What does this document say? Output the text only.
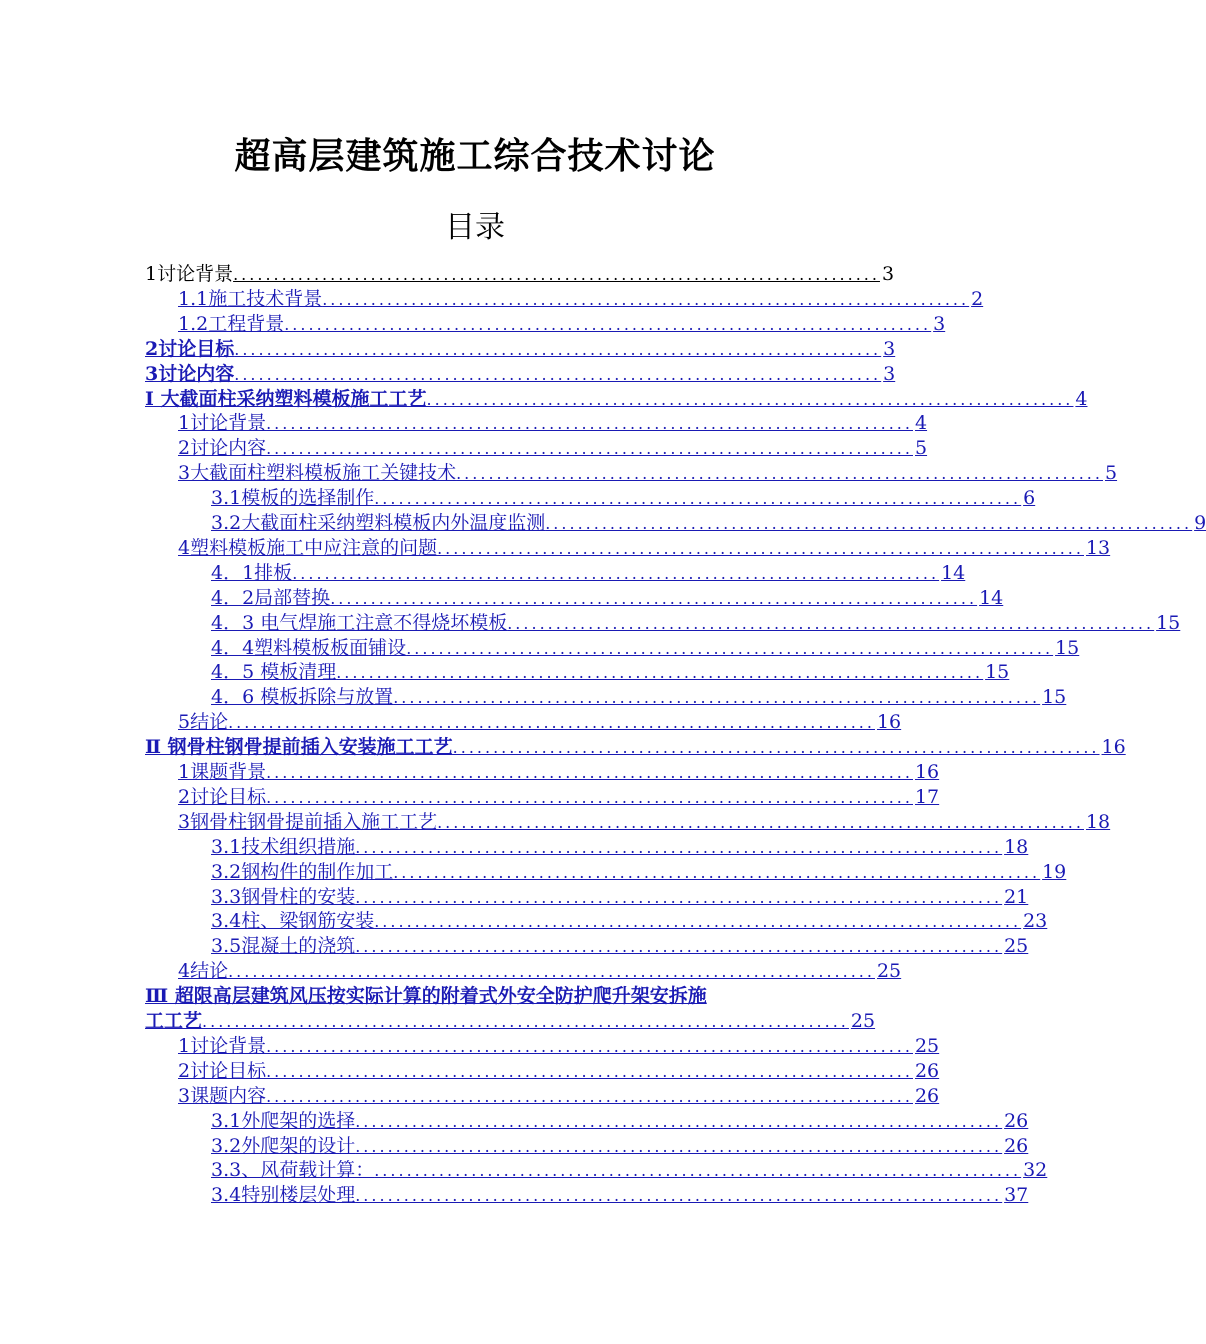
超高层建筑施工综合技术讨论
目录
1讨论背景 ................................................................................ 3
1.1施工技术背景 ................................................................................ 2
1.2工程背景 ................................................................................ 3
2讨论目标 ................................................................................ 3
3讨论内容 ................................................................................ 3
Ⅰ 大截面柱采纳塑料模板施工工艺 ................................................................................ 4
1讨论背景 ................................................................................ 4
2讨论内容 ................................................................................ 5
3大截面柱塑料模板施工关键技术 ................................................................................ 5
3.1模板的选择制作 ................................................................................ 6
3.2大截面柱采纳塑料模板内外温度监测 ................................................................................ 9
4塑料模板施工中应注意的问题 ................................................................................ 13
4．1排板 ................................................................................ 14
4．2局部替换 ................................................................................ 14
4．3 电气焊施工注意不得烧坏模板 ................................................................................ 15
4．4塑料模板板面铺设 ................................................................................ 15
4．5 模板清理 ................................................................................ 15
4．6 模板拆除与放置 ................................................................................ 15
5结论 ................................................................................ 16
Ⅱ 钢骨柱钢骨提前插入安装施工工艺 ................................................................................ 16
1课题背景 ................................................................................ 16
2讨论目标 ................................................................................ 17
3钢骨柱钢骨提前插入施工工艺 ................................................................................ 18
3.1技术组织措施 ................................................................................ 18
3.2钢构件的制作加工 ................................................................................ 19
3.3钢骨柱的安装 ................................................................................ 21
3.4柱、梁钢筋安装 ................................................................................ 23
3.5混凝土的浇筑 ................................................................................ 25
4结论 ................................................................................ 25
Ⅲ 超限高层建筑风压按实际计算的附着式外安全防护爬升架安拆施
工工艺 ................................................................................ 25
1讨论背景 ................................................................................ 25
2讨论目标 ................................................................................ 26
3课题内容 ................................................................................ 26
3.1外爬架的选择 ................................................................................ 26
3.2外爬架的设计 ................................................................................ 26
3.3、风荷载计算： ................................................................................ 32
3.4特别楼层处理 ................................................................................ 37
